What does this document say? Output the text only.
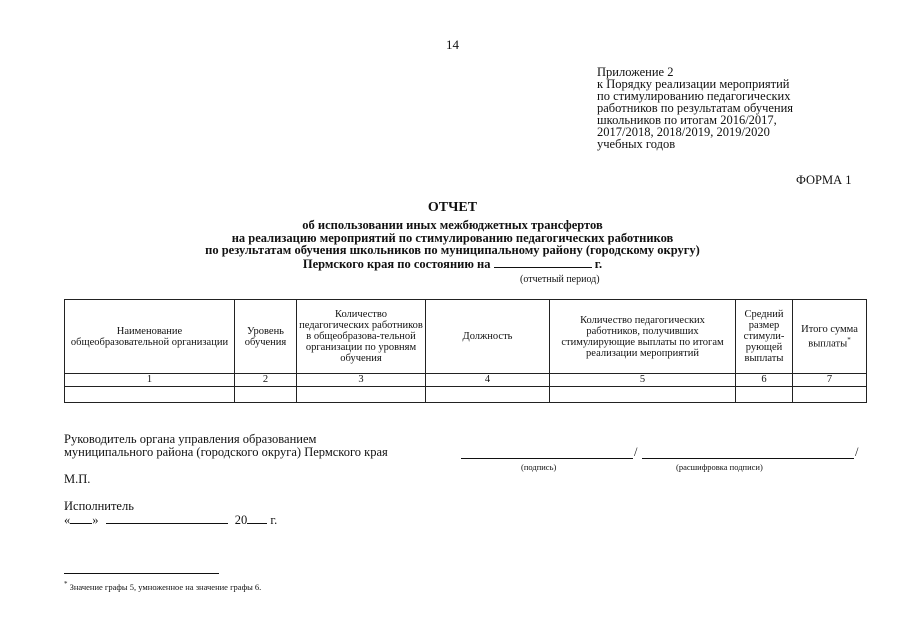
14
Приложение 2
к Порядку реализации мероприятий
по стимулированию педагогических
работников по результатам обучения
школьников по итогам 2016/2017,
2017/2018, 2018/2019, 2019/2020
учебных годов
ФОРМА 1
ОТЧЕТ
об использовании иных межбюджетных трансфертов
на реализацию мероприятий по стимулированию педагогических работников
по результатам обучения школьников по муниципальному району (городскому округу)
Пермского края по состоянию на	г.
(отчетный период)
Наименование общеобразовательной организации	Уровень обучения	Количество педагогических работников в общеобразова-тельной организации по уровням обучения	Должность	Количество педагогических работников, получивших стимулирующие выплаты по итогам реализации мероприятий	Средний размер стимули-рующей выплаты	Итого сумма выплаты*
1	2	3	4	5	6	7

Руководитель органа управления образованием
муниципального района (городского округа) Пермского края	/	/
(подпись)	(расшифровка подписи)
М.П.
Исполнитель
« »	20 г.
* Значение графы 5, умноженное на значение графы 6.
